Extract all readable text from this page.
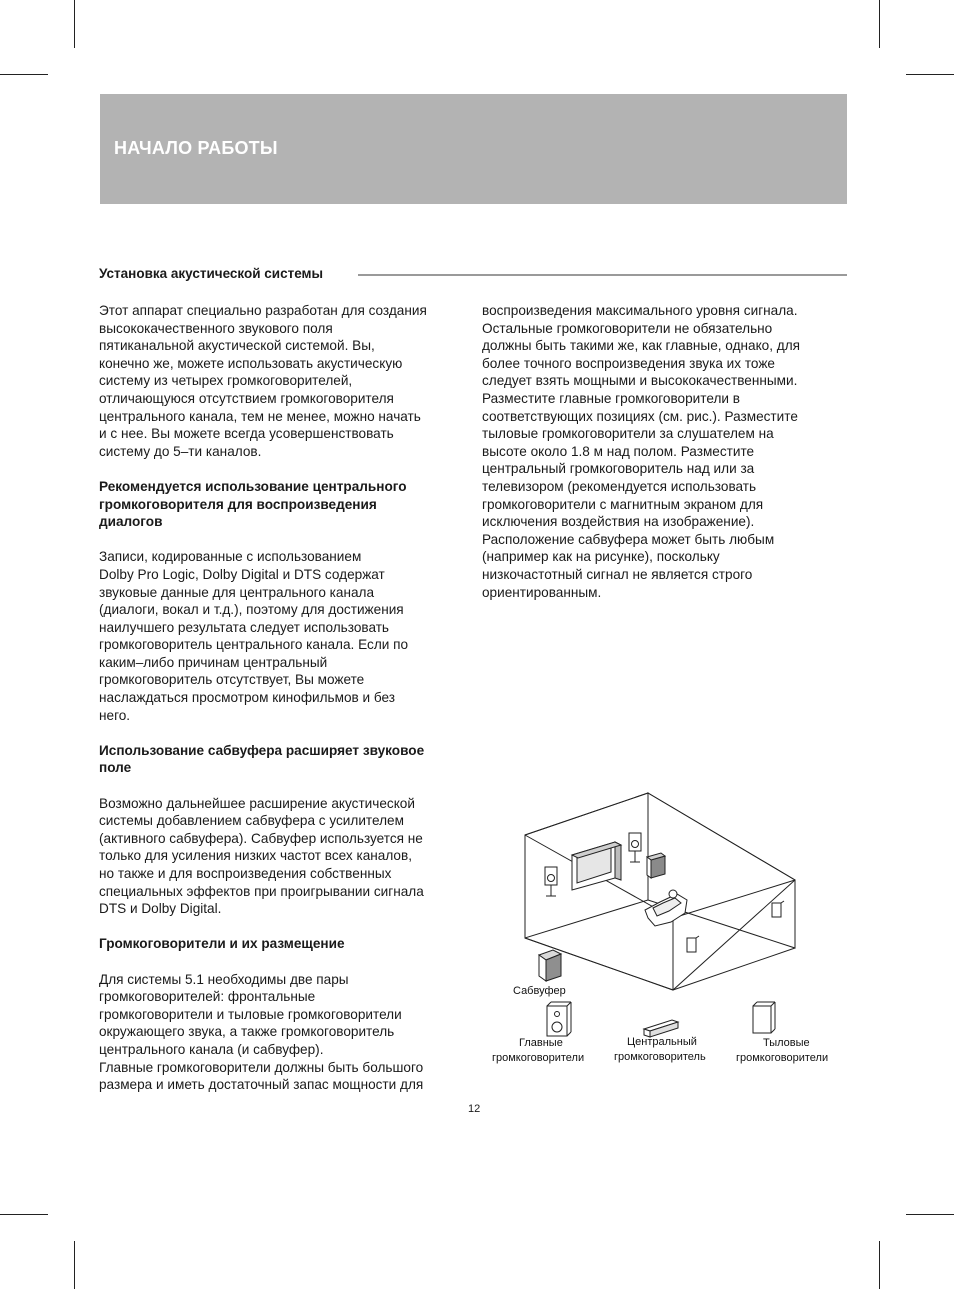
НАЧАЛО РАБОТЫ
Установка акустической системы

Этот аппарат специально разработан для создания
высококачественного звукового поля
пятиканальной акустической системой. Вы,
конечно же, можете использовать акустическую
систему из четырех громкоговорителей,
отличающуюся отсутствием громкоговорителя
центрального канала, тем не менее, можно начать
и с нее. Вы можете всегда усовершенствовать
систему до 5–ти каналов.

Рекомендуется использование центрального
громкоговорителя для воспроизведения
диалогов

Записи, кодированные с использованием
Dolby Pro Logic, Dolby Digital и DTS содержат
звуковые данные для центрального канала
(диалоги, вокал и т.д.), поэтому для достижения
наилучшего результата следует использовать
громкоговоритель центрального канала. Если по
каким–либо причинам центральный
громкоговоритель отсутствует, Вы можете
наслаждаться просмотром кинофильмов и без
него.

Использование сабвуфера расширяет звуковое
поле

Возможно дальнейшее расширение акустической
системы добавлением сабвуфера с усилителем
(активного сабвуфера). Сабвуфер используется не
только для усиления низких частот всех каналов,
но также и для воспроизведения собственных
специальных эффектов при проигрывании сигнала
DTS и Dolby Digital.

Громкоговорители и их размещение

Для системы 5.1 необходимы две пары
громкоговорителей: фронтальные
громкоговорители и тыловые громкоговорители
окружающего звука, а также громкоговоритель
центрального канала (и сабвуфер).
Главные громкоговорители должны быть большого
размера и иметь достаточный запас мощности для

воспроизведения максимального уровня сигнала.
Остальные громкоговорители не обязательно
должны быть такими же, как главные, однако, для
более точного воспроизведения звука их тоже
следует взять мощными и высококачественными.
Разместите главные громкоговорители в
соответствующих позициях (см. рис.). Разместите
тыловые громкоговорители за слушателем на
высоте около 1.8 м над полом. Разместите
центральный громкоговоритель над или за
телевизором (рекомендуется использовать
громкоговорители с магнитным экраном для
исключения воздействия на изображение).
Расположение сабвуфера может быть любым
(например как на рисунке), поскольку
низкочастотный сигнал не является строго
ориентированным.

Сабвуфер
Главные
громкоговорители
Центральный
громкоговоритель
Тыловые
громкоговорители
12
